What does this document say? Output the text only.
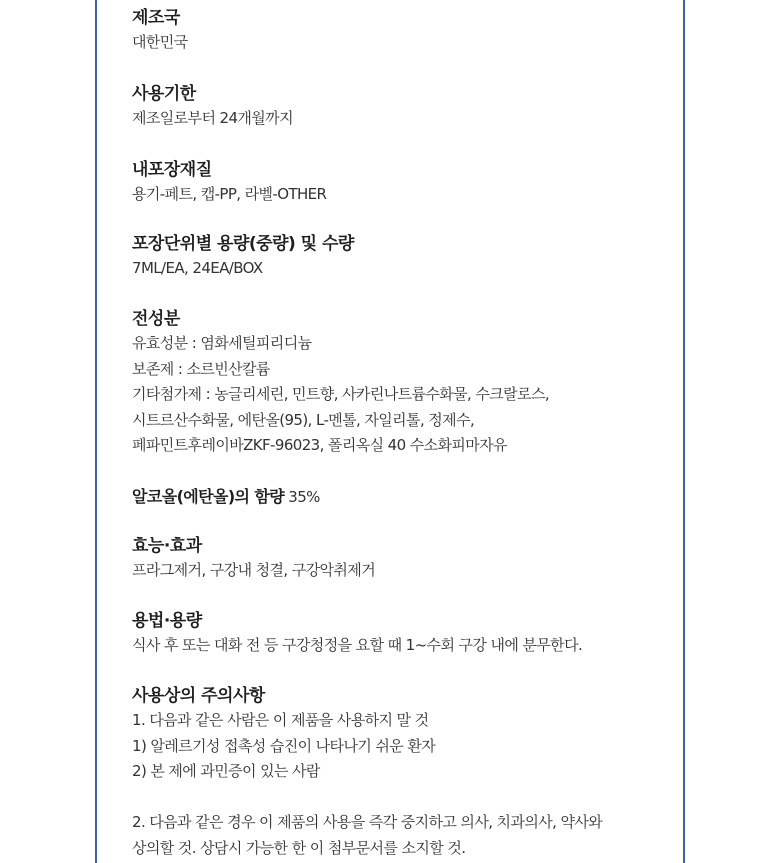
제조국
대한민국
사용기한
제조일로부터 24개월까지
내포장재질
용기-페트, 캡-PP, 라벨-OTHER
포장단위별 용량(중량) 및 수량
7ML/EA, 24EA/BOX
전성분
유효성분 : 염화세틸피리디늄
보존제 : 소르빈산칼륨
기타첨가제 : 농글리세린, 민트향, 사카린나트륨수화물, 수크랄로스,
시트르산수화물, 에탄올(95), L-멘톨, 자일리톨, 정제수,
페파민트후레이바ZKF-96023, 폴리옥실 40 수소화피마자유
알코올(에탄올)의 함량 35%
효능·효과
프라그제거, 구강내 청결, 구강악취제거
용법·용량
식사 후 또는 대화 전 등 구강청정을 요할 때 1~수회 구강 내에 분무한다.
사용상의 주의사항
1. 다음과 같은 사람은 이 제품을 사용하지 말 것
1) 알레르기성 접촉성 습진이 나타나기 쉬운 환자
2) 본 제에 과민증이 있는 사람
2. 다음과 같은 경우 이 제품의 사용을 즉각 중지하고 의사, 치과의사, 약사와
상의할 것. 상담시 가능한 한 이 첨부문서를 소지할 것.
